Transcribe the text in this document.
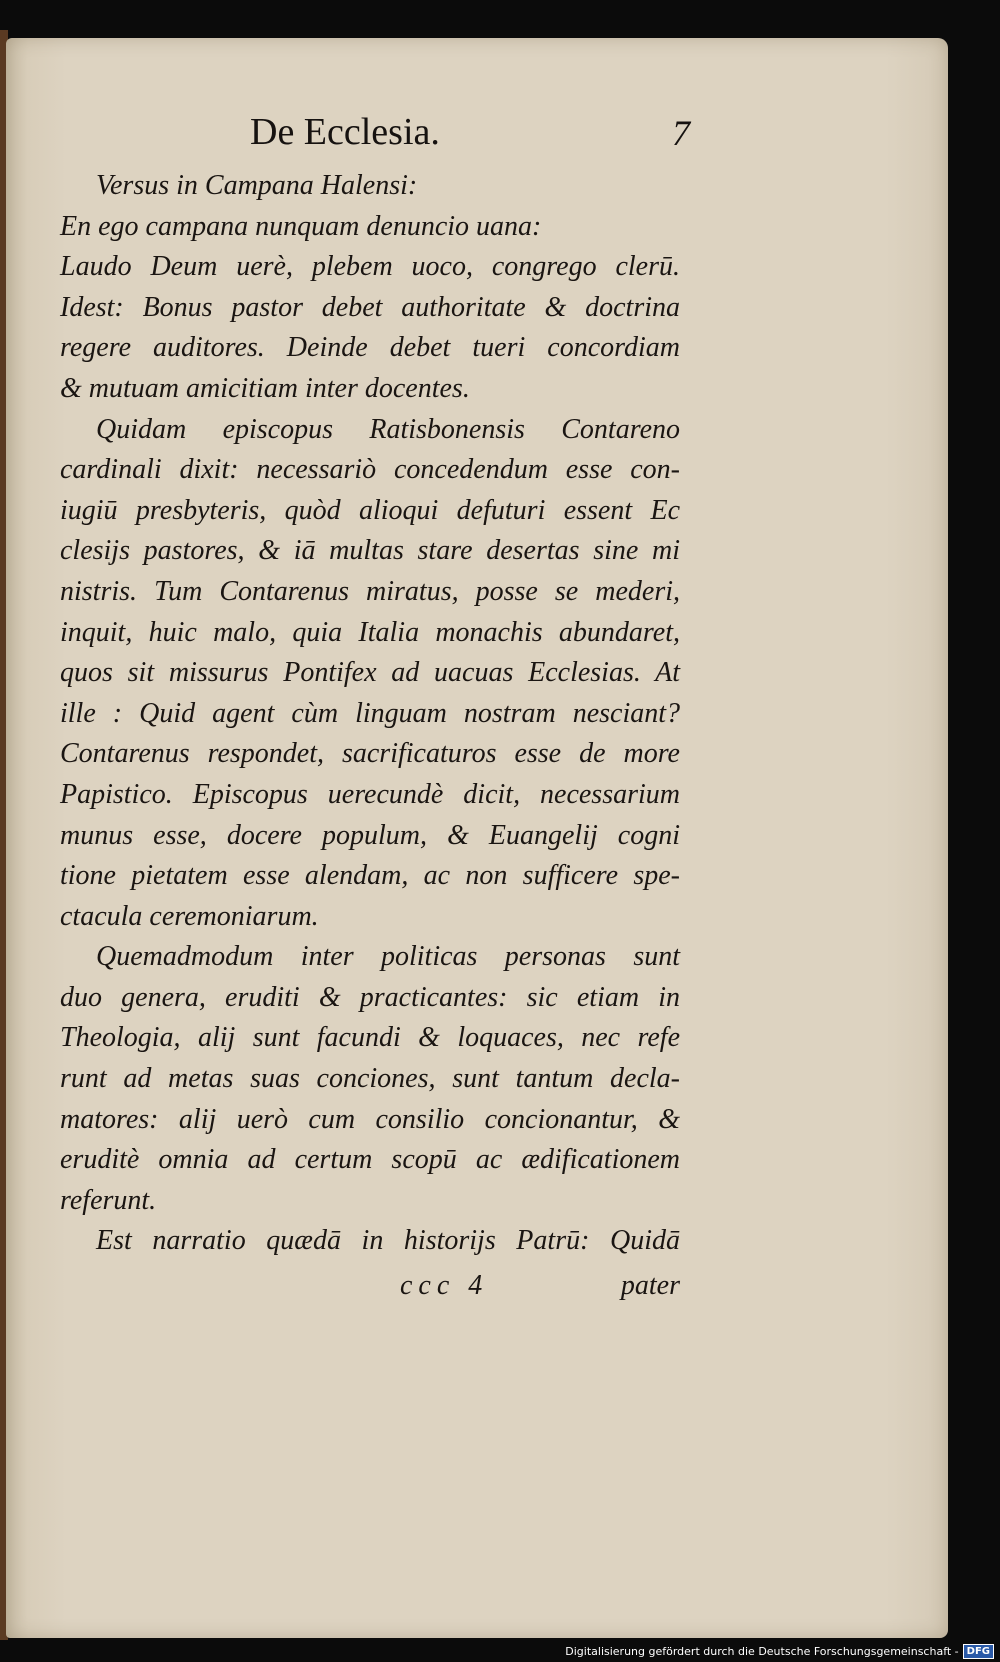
De Ecclesia.	7
Versus in Campana Halensi:
En ego campana nunquam denuncio uana:
Laudo Deum uerè, plebem uoco, congrego clerū.
Idest: Bonus pastor debet authoritate & doctrina
regere auditores. Deinde debet tueri concordiam
& mutuam amicitiam inter docentes.
Quidam episcopus Ratisbonensis Contareno
cardinali dixit: necessariò concedendum esse con-
iugiū presbyteris, quòd alioqui defuturi essent Ec
clesijs pastores, & iā multas stare desertas sine mi
nistris. Tum Contarenus miratus, posse se mederi,
inquit, huic malo, quia Italia monachis abundaret,
quos sit missurus Pontifex ad uacuas Ecclesias. At
ille : Quid agent cùm linguam nostram nesciant?
Contarenus respondet, sacrificaturos esse de more
Papistico. Episcopus uerecundè dicit, necessarium
munus esse, docere populum, & Euangelij cogni
tione pietatem esse alendam, ac non sufficere spe-
ctacula ceremoniarum.
Quemadmodum inter politicas personas sunt
duo genera, eruditi & practicantes: sic etiam in
Theologia, alij sunt facundi & loquaces, nec refe
runt ad metas suas conciones, sunt tantum decla-
matores: alij uerò cum consilio concionantur, &
eruditè omnia ad certum scopū ac ædificationem
referunt.
Est narratio quædā in historijs Patrū: Quidā
ccc 4	pater
Digitalisierung gefördert durch die Deutsche Forschungsgemeinschaft - DFG
